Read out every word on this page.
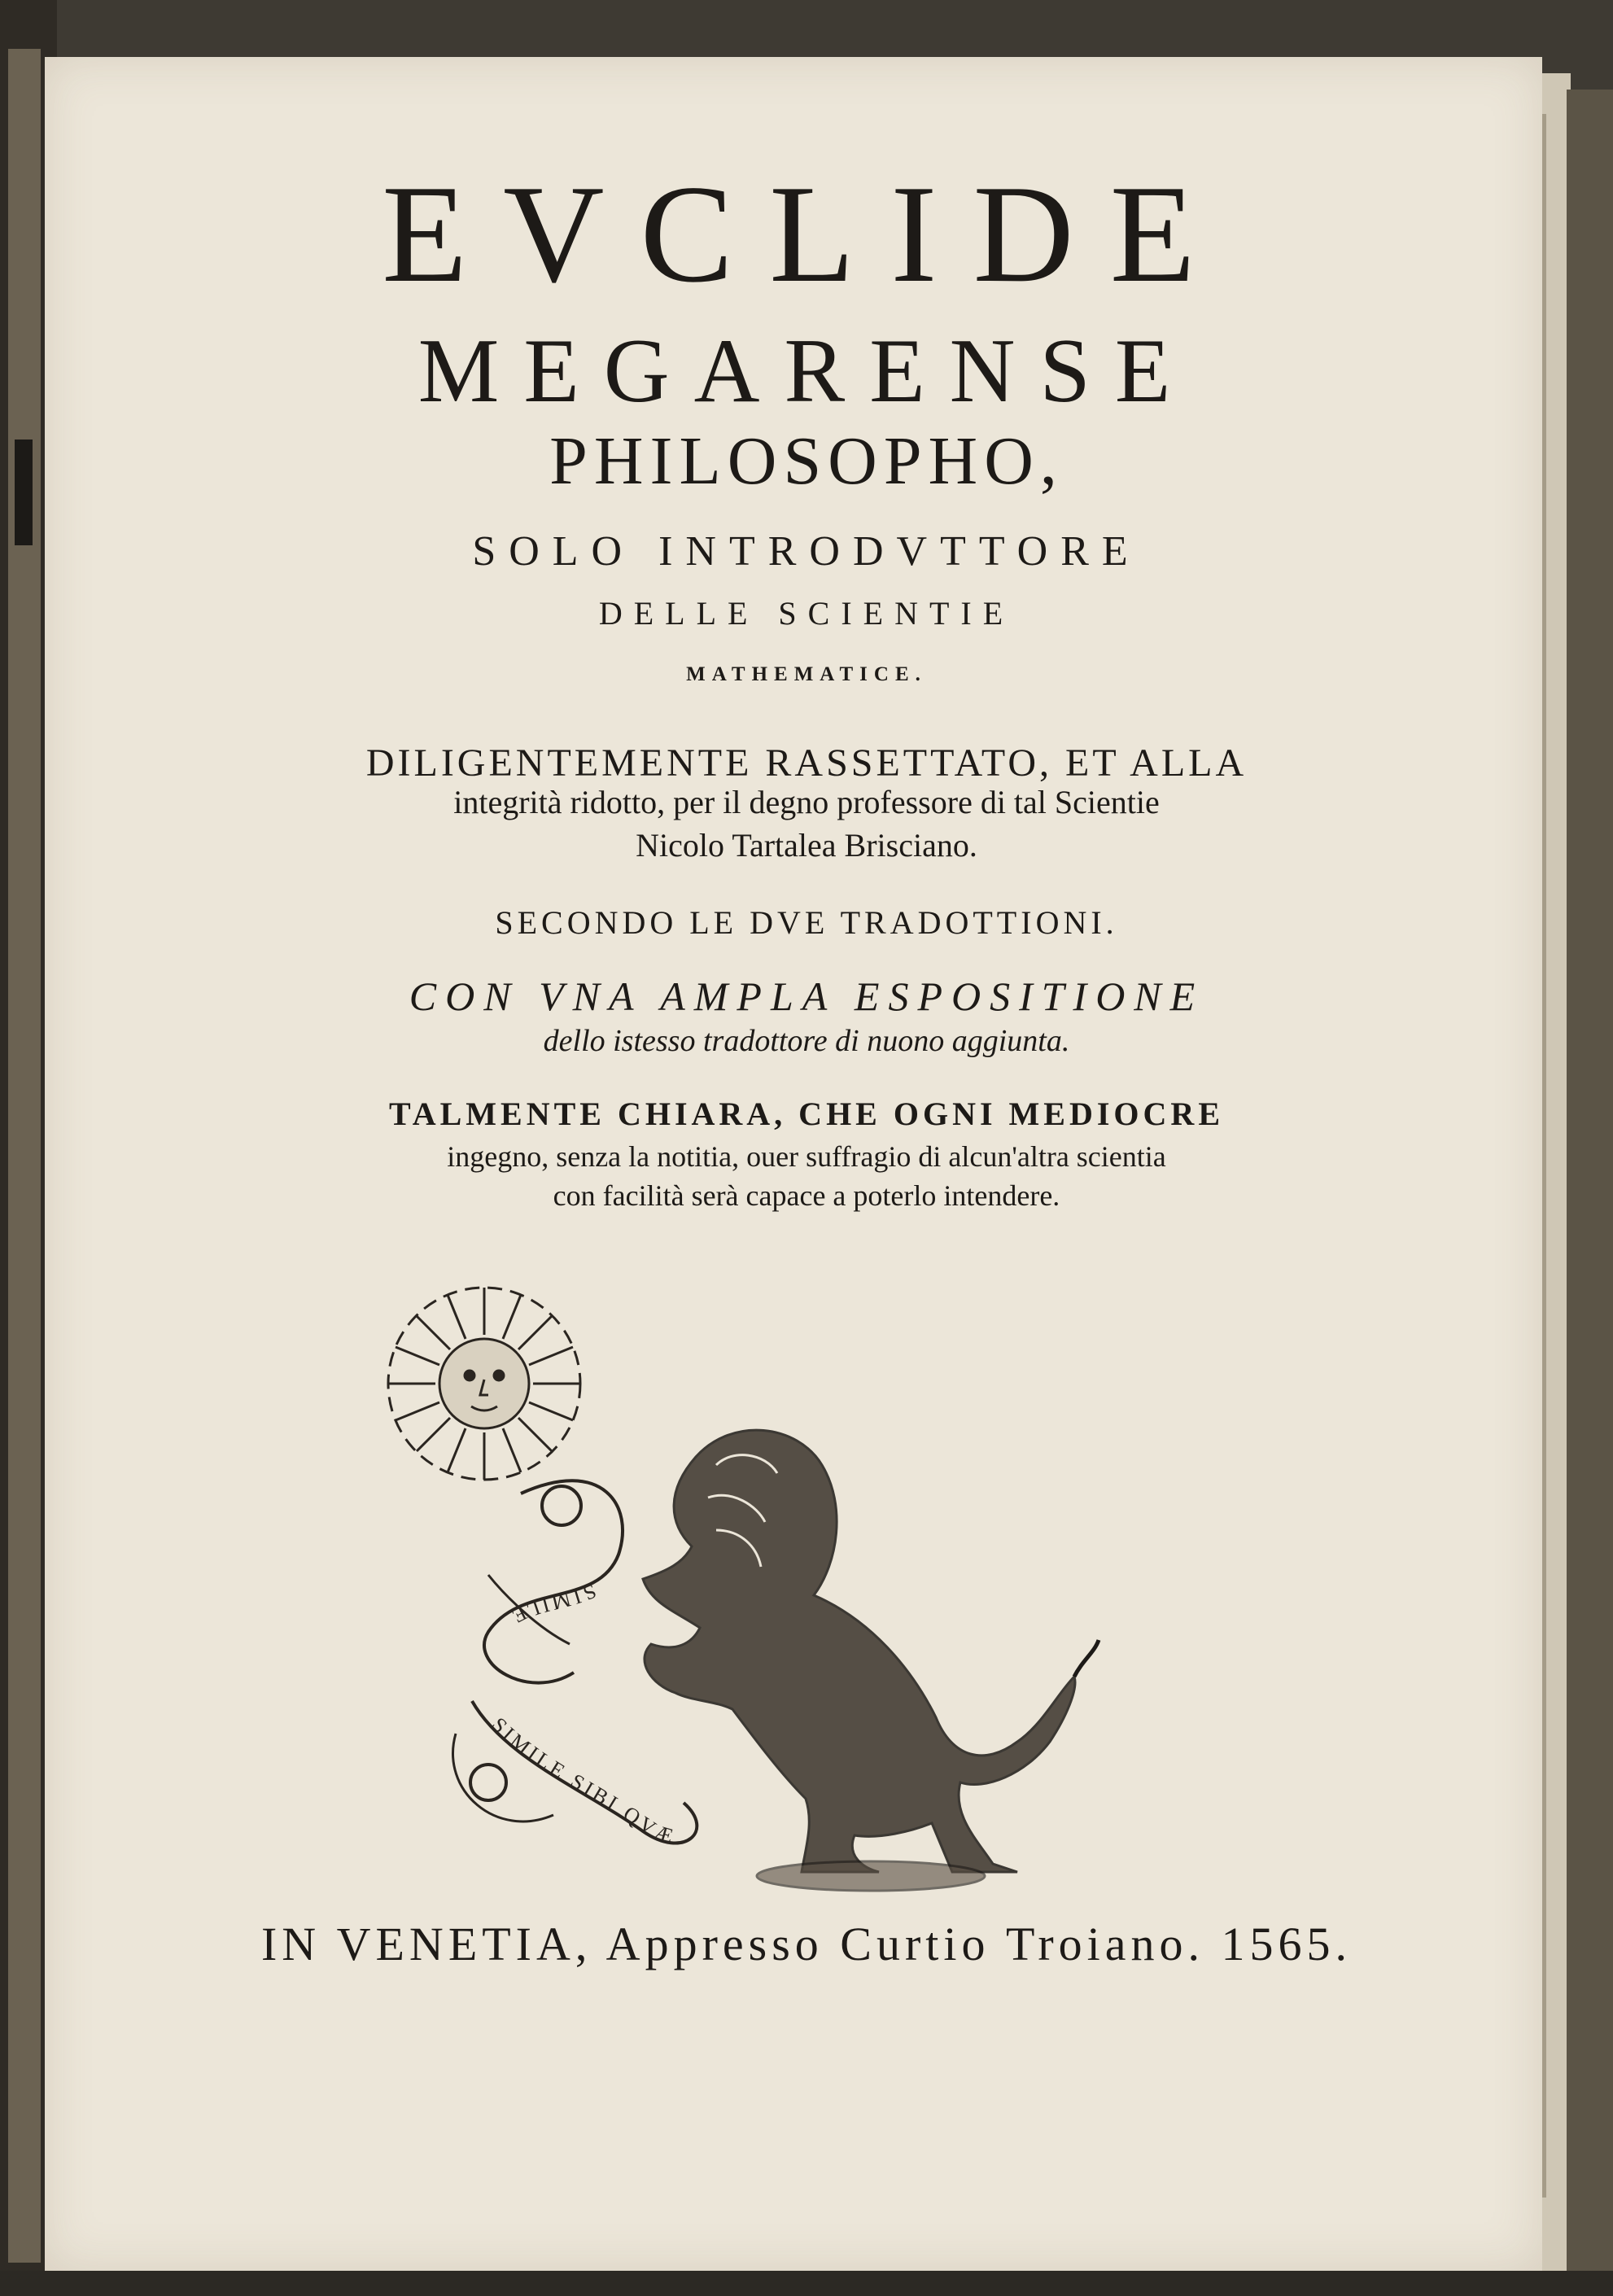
EVCLIDE
MEGARENSE
PHILOSOPHO,
SOLO INTRODVTTORE
DELLE SCIENTIE
MATHEMATICE.
DILIGENTEMENTE RASSETTATO, ET ALLA
integrità ridotto, per il degno professore di tal Scientie
Nicolo Tartalea Brisciano.
SECONDO LE DVE TRADOTTIONI.
CON VNA AMPLA ESPOSITIONE
dello istesso tradottore di nuono aggiunta.
TALMENTE CHIARA, CHE OGNI MEDIOCRE
ingegno, senza la notitia, ouer suffragio di alcun'altra scientia
con facilità serà capace a poterlo intendere.
SIMILE
SIMILE SIBI QVÆ
IN VENETIA, Appresso Curtio Troiano. 1565.
